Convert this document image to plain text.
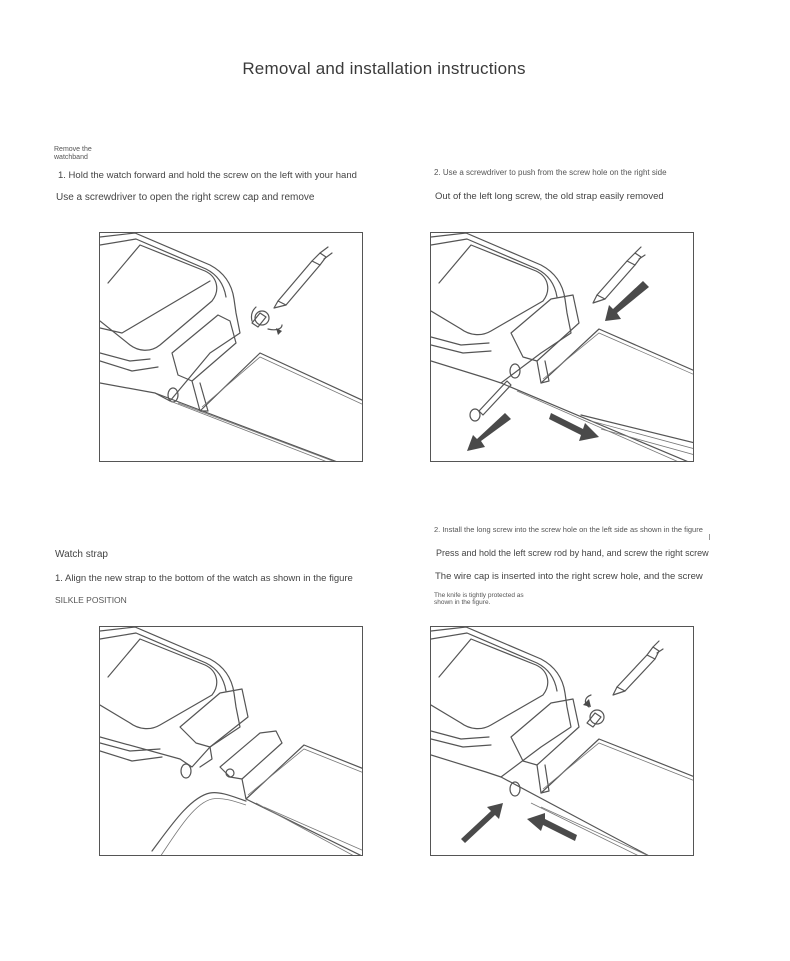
Removal and installation instructions
Remove the watchband
1. Hold the watch forward and hold the screw on the left with your hand
Use a screwdriver to open the right screw cap and remove
2. Use a screwdriver to push from the screw hole on the right side
Out of the left long screw, the old strap easily removed
Watch strap
1. Align the new strap to the bottom of the watch as shown in the figure
SILKLE POSITION
2. Install the long screw into the screw hole on the left side as shown in the figure
Press and hold the left screw rod by hand, and screw the right screw
The wire cap is inserted into the right screw hole, and the screw
The knife is tightly protected as shown in the figure.
